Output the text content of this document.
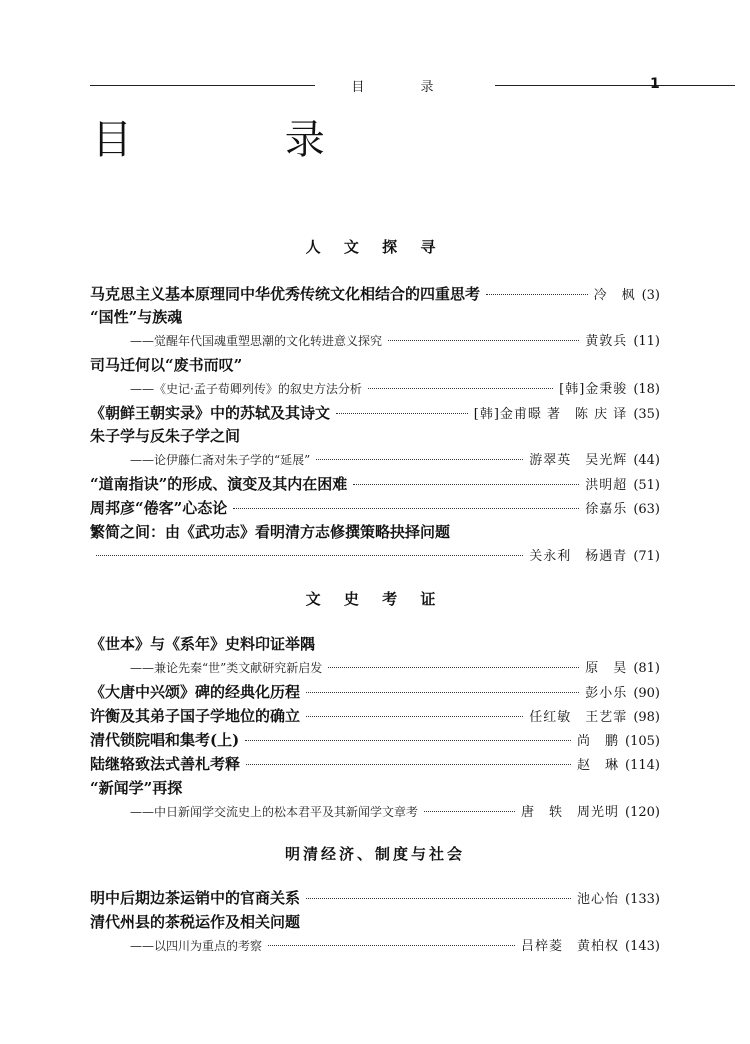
目 录	1
目 录
人 文 探 寻
马克思主义基本原理同中华优秀传统文化相结合的四重思考	冷　枫 (3)
“国性”与族魂
——觉醒年代国魂重塑思潮的文化转进意义探究	黄敦兵 (11)
司马迁何以“废书而叹”
——《史记·孟子荀卿列传》的叙史方法分析	[韩]金秉骏 (18)
《朝鲜王朝实录》中的苏轼及其诗文	[韩]金甫暻 著　陈 庆 译 (35)
朱子学与反朱子学之间
——论伊藤仁斋对朱子学的“延展”	游翠英　吴光辉 (44)
“道南指诀”的形成、演变及其内在困难	洪明超 (51)
周邦彦“倦客”心态论	徐嘉乐 (63)
繁简之间：由《武功志》看明清方志修撰策略抉择问题
关永利　杨遇青 (71)
文 史 考 证
《世本》与《系年》史料印证举隅
——兼论先秦“世”类文献研究新启发	原　昊 (81)
《大唐中兴颂》碑的经典化历程	彭小乐 (90)
许衡及其弟子国子学地位的确立	任红敏　王艺霏 (98)
清代锁院唱和集考(上)	尚　鹏 (105)
陆继辂致法式善札考释	赵　琳 (114)
“新闻学”再探
——中日新闻学交流史上的松本君平及其新闻学文章考	唐　轶　周光明 (120)
明清经济、制度与社会
明中后期边茶运销中的官商关系	池心怡 (133)
清代州县的茶税运作及相关问题
——以四川为重点的考察	吕梓菱　黄柏权 (143)
